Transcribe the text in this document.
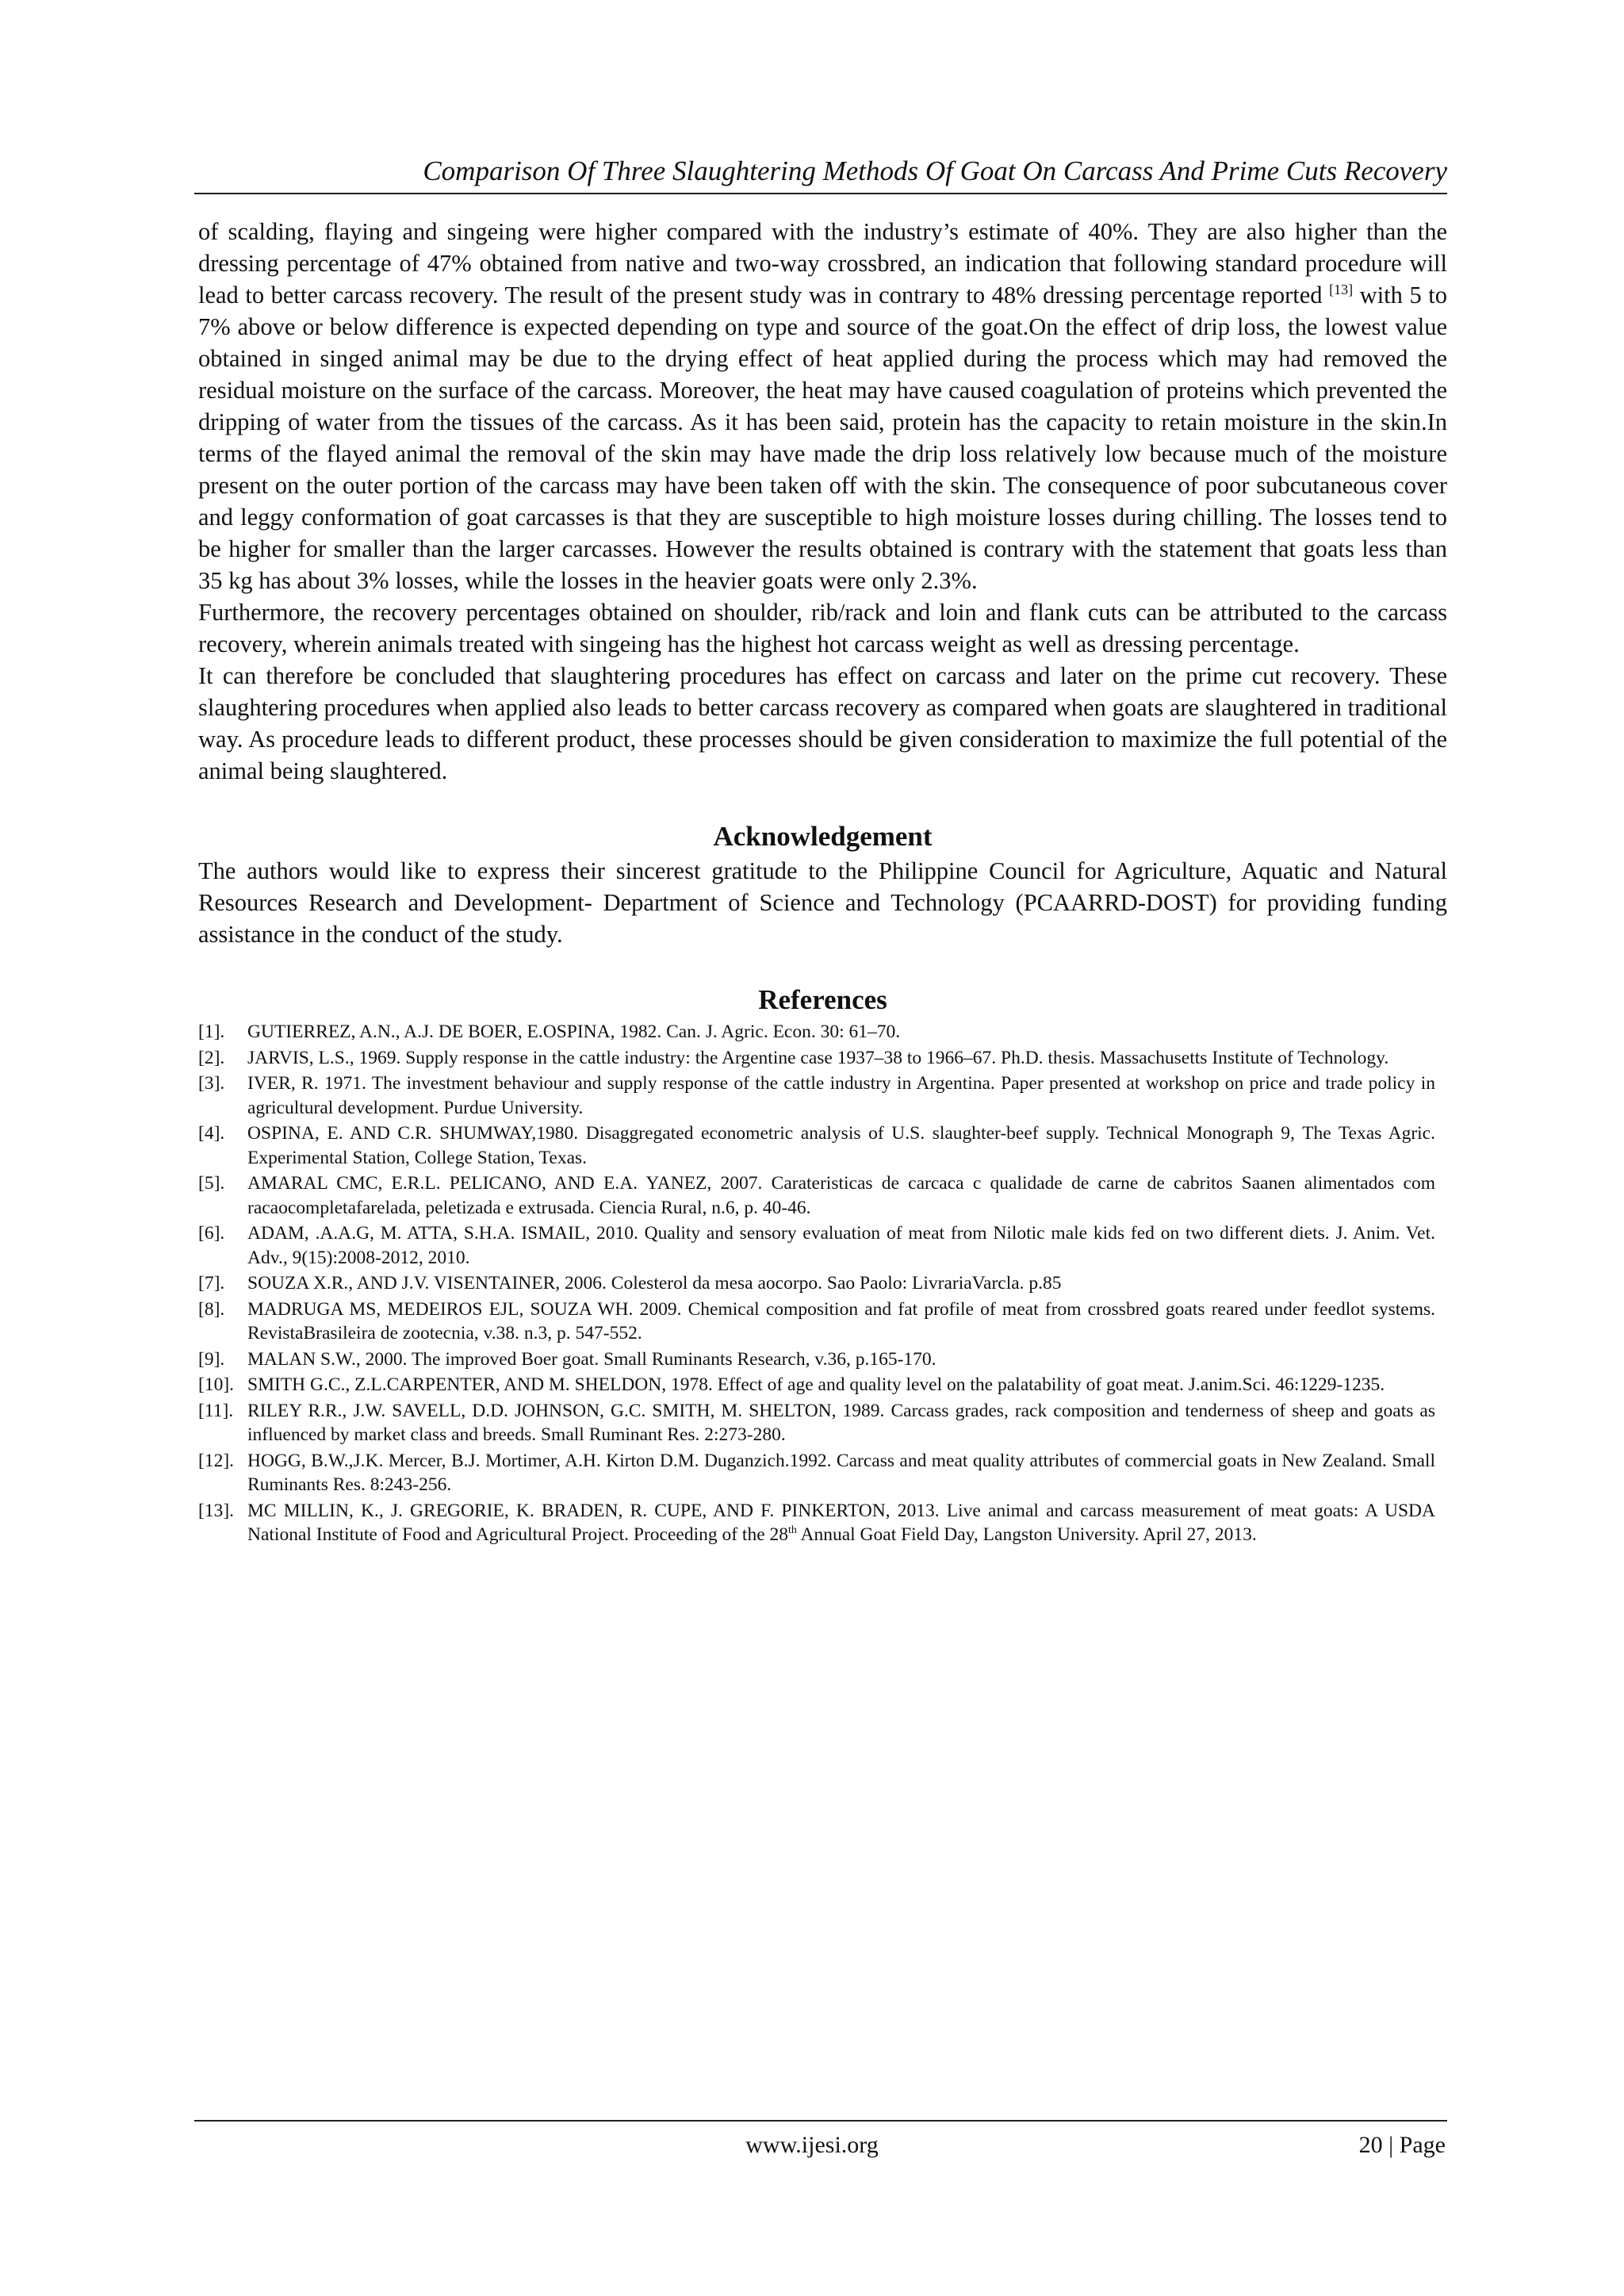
Comparison Of Three Slaughtering Methods Of Goat On Carcass And Prime Cuts Recovery

of scalding, flaying and singeing were higher compared with the industry’s estimate of 40%. They are also higher than the dressing percentage of 47% obtained from native and two-way crossbred, an indication that following standard procedure will lead to better carcass recovery. The result of the present study was in contrary to 48% dressing percentage reported [13] with 5 to 7% above or below difference is expected depending on type and source of the goat.On the effect of drip loss, the lowest value obtained in singed animal may be due to the drying effect of heat applied during the process which may had removed the residual moisture on the surface of the carcass. Moreover, the heat may have caused coagulation of proteins which prevented the dripping of water from the tissues of the carcass. As it has been said, protein has the capacity to retain moisture in the skin.In terms of the flayed animal the removal of the skin may have made the drip loss relatively low because much of the moisture present on the outer portion of the carcass may have been taken off with the skin. The consequence of poor subcutaneous cover and leggy conformation of goat carcasses is that they are susceptible to high moisture losses during chilling. The losses tend to be higher for smaller than the larger carcasses. However the results obtained is contrary with the statement that goats less than 35 kg has about 3% losses, while the losses in the heavier goats were only 2.3%.

Furthermore, the recovery percentages obtained on shoulder, rib/rack and loin and flank cuts can be attributed to the carcass recovery, wherein animals treated with singeing has the highest hot carcass weight as well as dressing percentage.

It can therefore be concluded that slaughtering procedures has effect on carcass and later on the prime cut recovery. These slaughtering procedures when applied also leads to better carcass recovery as compared when goats are slaughtered in traditional way. As procedure leads to different product, these processes should be given consideration to maximize the full potential of the animal being slaughtered.

Acknowledgement

The authors would like to express their sincerest gratitude to the Philippine Council for Agriculture, Aquatic and Natural Resources Research and Development- Department of Science and Technology (PCAARRD-DOST) for providing funding assistance in the conduct of the study.

References
[1].	GUTIERREZ, A.N., A.J. DE BOER, E.OSPINA, 1982. Can. J. Agric. Econ. 30: 61–70.
[2].	JARVIS, L.S., 1969. Supply response in the cattle industry: the Argentine case 1937–38 to 1966–67. Ph.D. thesis. Massachusetts Institute of Technology.
[3].	IVER, R. 1971. The investment behaviour and supply response of the cattle industry in Argentina. Paper presented at workshop on price and trade policy in agricultural development. Purdue University.
[4].	OSPINA, E. AND C.R. SHUMWAY,1980. Disaggregated econometric analysis of U.S. slaughter-beef supply. Technical Monograph 9, The Texas Agric. Experimental Station, College Station, Texas.
[5].	AMARAL CMC, E.R.L. PELICANO, AND E.A. YANEZ, 2007. Carateristicas de carcaca c qualidade de carne de cabritos Saanen alimentados com racaocompletafarelada, peletizada e extrusada. Ciencia Rural, n.6, p. 40-46.
[6].	ADAM, .A.A.G, M. ATTA, S.H.A. ISMAIL, 2010. Quality and sensory evaluation of meat from Nilotic male kids fed on two different diets. J. Anim. Vet. Adv., 9(15):2008-2012, 2010.
[7].	SOUZA X.R., AND J.V. VISENTAINER, 2006. Colesterol da mesa aocorpo. Sao Paolo: LivrariaVarcla. p.85
[8].	MADRUGA MS, MEDEIROS EJL, SOUZA WH. 2009. Chemical composition and fat profile of meat from crossbred goats reared under feedlot systems. RevistaBrasileira de zootecnia, v.38. n.3, p. 547-552.
[9].	MALAN S.W., 2000. The improved Boer goat. Small Ruminants Research, v.36, p.165-170.
[10]. SMITH G.C., Z.L.CARPENTER, AND M. SHELDON, 1978. Effect of age and quality level on the palatability of goat meat. J.anim.Sci. 46:1229-1235.
[11]. RILEY R.R., J.W. SAVELL, D.D. JOHNSON, G.C. SMITH, M. SHELTON, 1989. Carcass grades, rack composition and tenderness of sheep and goats as influenced by market class and breeds. Small Ruminant Res. 2:273-280.
[12]. HOGG, B.W.,J.K. Mercer, B.J. Mortimer, A.H. Kirton D.M. Duganzich.1992. Carcass and meat quality attributes of commercial goats in New Zealand. Small Ruminants Res. 8:243-256.
[13]. MC MILLIN, K., J. GREGORIE, K. BRADEN, R. CUPE, AND F. PINKERTON, 2013. Live animal and carcass measurement of meat goats: A USDA National Institute of Food and Agricultural Project. Proceeding of the 28th Annual Goat Field Day, Langston University. April 27, 2013.
www.ijesi.org	20 | Page
